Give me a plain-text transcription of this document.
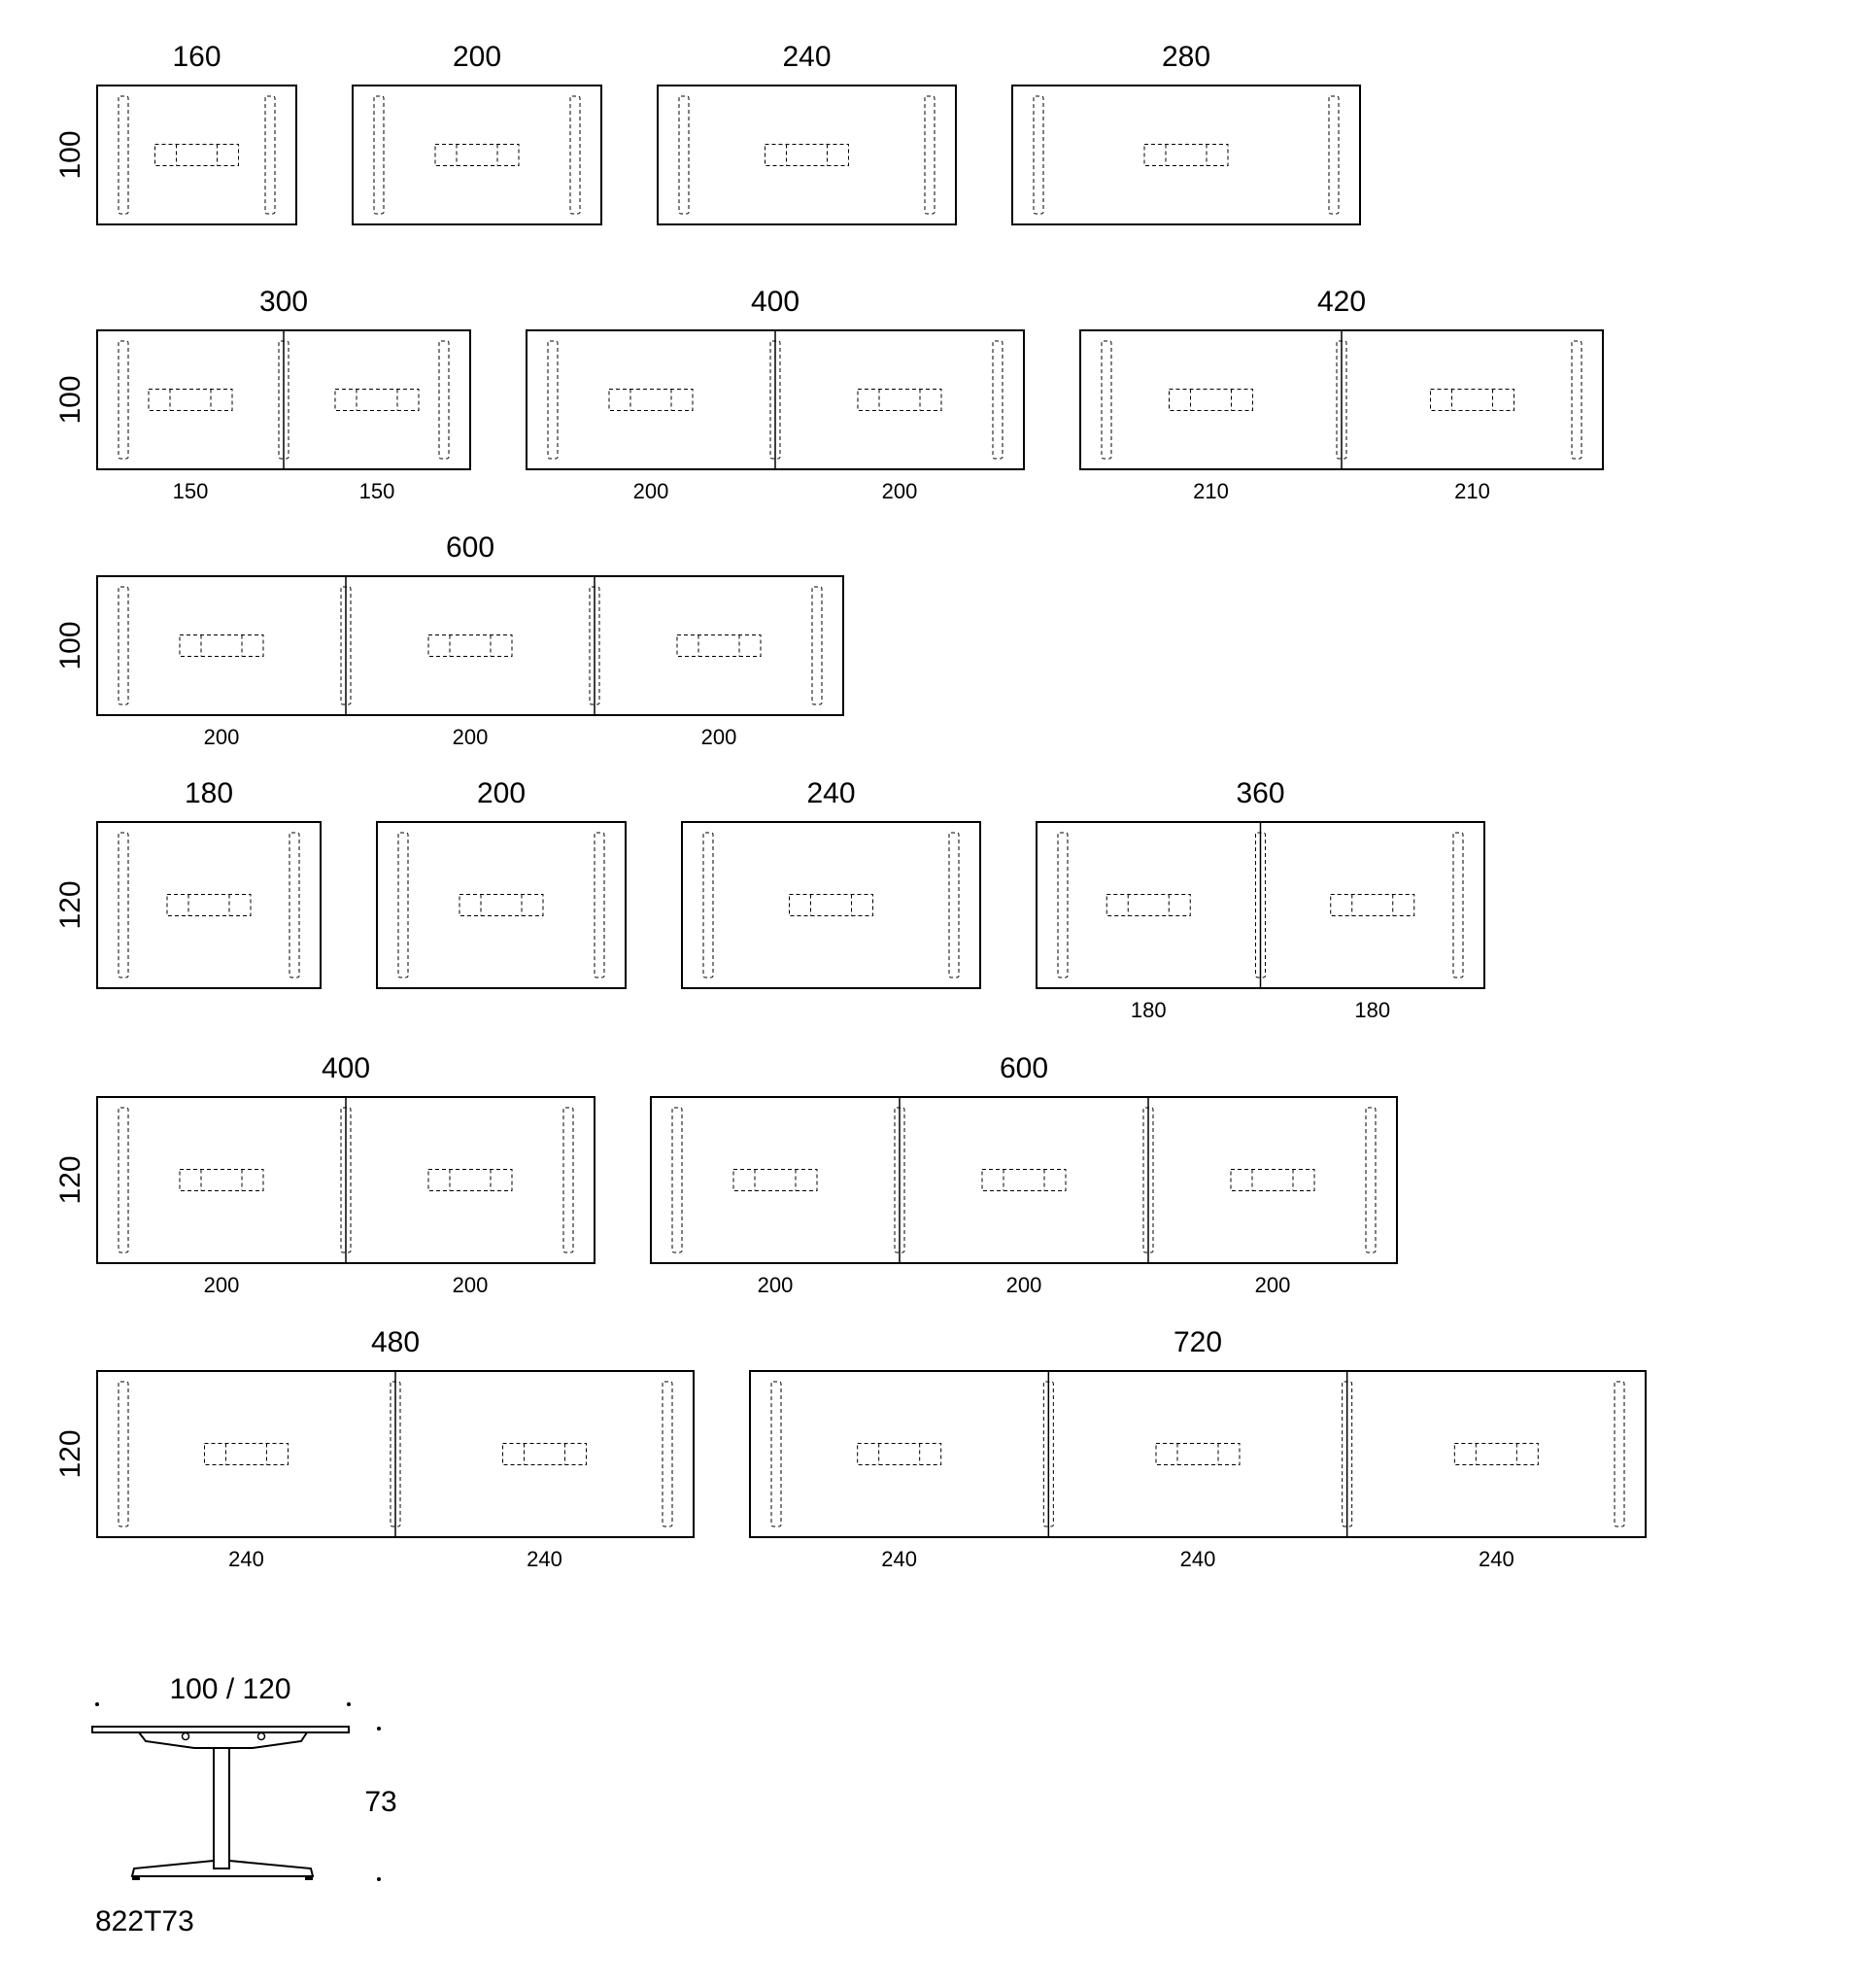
160
100
200	240	280
300
100
150	150
400
200	200
420
210	210
600
100
200	200	200
180
120
200	240	360
180	180
400
120
200	200
600
200	200	200
480
120
240	240
720
240	240	240
100 / 120
73
822T73
